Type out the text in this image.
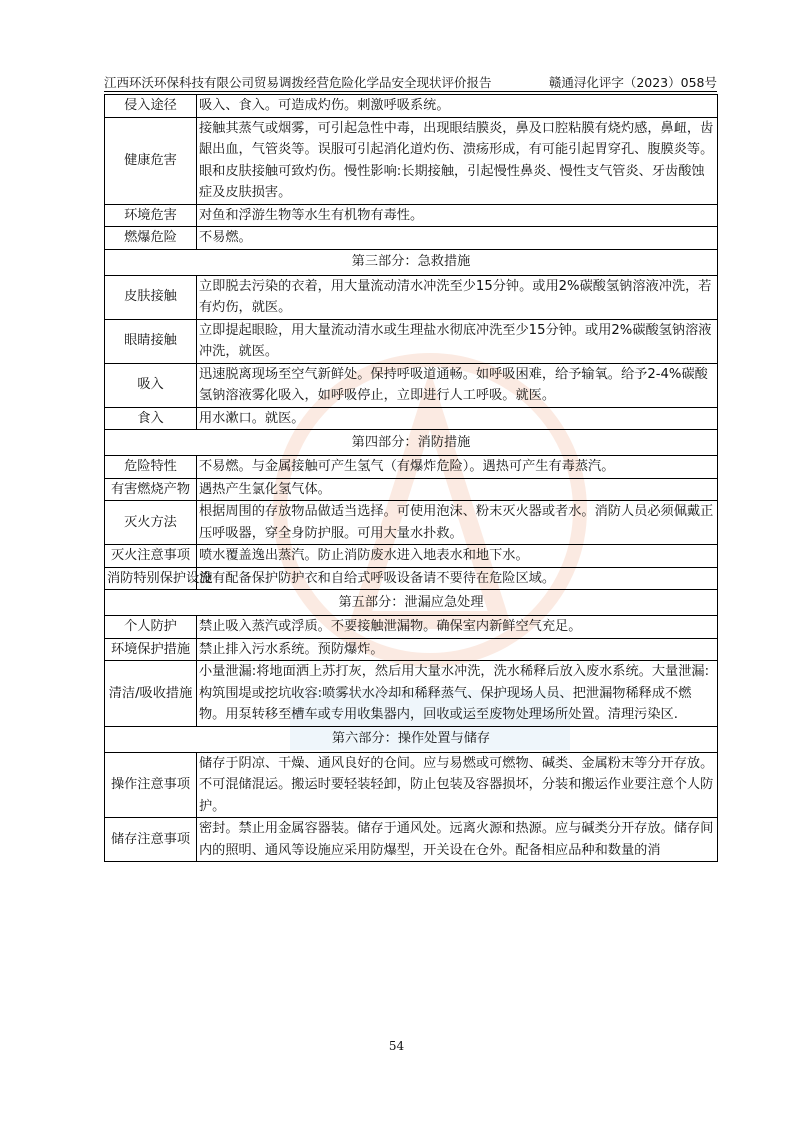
江西环沃环保科技有限公司贸易调拨经营危险化学品安全现状评价报告	赣通浔化评字（2023）058号
侵入途径	吸入、食入。可造成灼伤。刺激呼吸系统。
健康危害	接触其蒸气或烟雾，可引起急性中毒，出现眼结膜炎，鼻及口腔粘膜有烧灼感，鼻衄，齿龈出血，气管炎等。误服可引起消化道灼伤、溃疡形成，有可能引起胃穿孔、腹膜炎等。眼和皮肤接触可致灼伤。慢性影响:长期接触，引起慢性鼻炎、慢性支气管炎、牙齿酸蚀症及皮肤损害。
环境危害	对鱼和浮游生物等水生有机物有毒性。
燃爆危险	不易燃。
第三部分：急救措施	
皮肤接触	立即脱去污染的衣着，用大量流动清水冲洗至少15分钟。或用2%碳酸氢钠溶液冲洗，若有灼伤，就医。
眼睛接触	立即提起眼睑，用大量流动清水或生理盐水彻底冲洗至少15分钟。或用2%碳酸氢钠溶液冲洗，就医。
吸入	迅速脱离现场至空气新鲜处。保持呼吸道通畅。如呼吸困难，给予输氧。给予2-4%碳酸氢钠溶液雾化吸入，如呼吸停止，立即进行人工呼吸。就医。
食入	用水漱口。就医。
第四部分：消防措施	
危险特性	不易燃。与金属接触可产生氢气（有爆炸危险）。遇热可产生有毒蒸汽。
有害燃烧产物	遇热产生氯化氢气体。
灭火方法	根据周围的存放物品做适当选择。可使用泡沫、粉末灭火器或者水。消防人员必须佩戴正压呼吸器，穿全身防护服。可用大量水扑救。
灭火注意事项	喷水覆盖逸出蒸汽。防止消防废水进入地表水和地下水。
消防特别保护设施	没有配备保护防护衣和自给式呼吸设备请不要待在危险区域。
第五部分：泄漏应急处理	
个人防护	禁止吸入蒸汽或浮质。不要接触泄漏物。确保室内新鲜空气充足。
环境保护措施	禁止排入污水系统。预防爆炸。
清洁/吸收措施	小量泄漏:将地面洒上苏打灰，然后用大量水冲洗，洗水稀释后放入废水系统。大量泄漏:构筑围堤或挖坑收容:喷雾状水冷却和稀释蒸气、保护现场人员、把泄漏物稀释成不燃物。用泵转移至槽车或专用收集器内，回收或运至废物处理场所处置。清理污染区.
第六部分：操作处置与储存	
操作注意事项	储存于阴凉、干燥、通风良好的仓间。应与易燃或可燃物、碱类、金属粉末等分开存放。不可混储混运。搬运时要轻装轻卸，防止包装及容器损坏，分装和搬运作业要注意个人防护。
储存注意事项	密封。禁止用金属容器装。储存于通风处。远离火源和热源。应与碱类分开存放。储存间内的照明、通风等设施应采用防爆型，开关设在仓外。配备相应品种和数量的消
54
